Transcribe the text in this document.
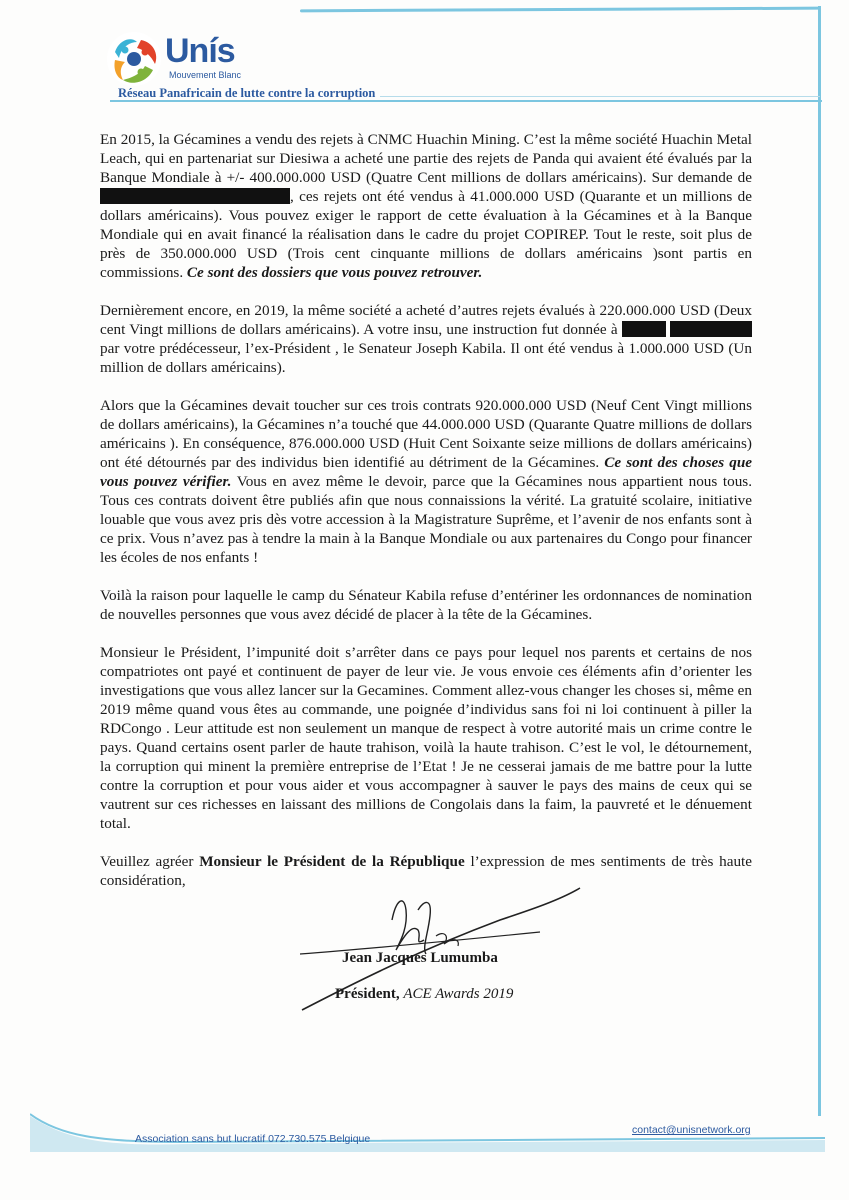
Unís
Mouvement Blanc
Réseau Panafricain de lutte contre la corruption

En 2015, la Gécamines a vendu des rejets à CNMC Huachin Mining. C’est la même société Huachin Metal Leach, qui en partenariat sur Diesiwa a acheté une partie des rejets de Panda qui avaient été évalués par la Banque Mondiale à +/- 400.000.000 USD (Quatre Cent millions de dollars américains). Sur demande de , ces rejets ont été vendus à 41.000.000 USD (Quarante et un millions de dollars américains). Vous pouvez exiger le rapport de cette évaluation à la Gécamines et à la Banque Mondiale qui en avait financé la réalisation dans le cadre du projet COPIREP. Tout le reste, soit plus de près de 350.000.000 USD (Trois cent cinquante millions de dollars américains )sont partis en commissions. Ce sont des dossiers que vous pouvez retrouver.

Dernièrement encore, en 2019, la même société a acheté d’autres rejets évalués à 220.000.000 USD (Deux cent Vingt millions de dollars américains). A votre insu, une instruction fut donnée à   par votre prédécesseur, l’ex-Président , le Senateur Joseph Kabila. Il ont été vendus à 1.000.000 USD (Un million de dollars américains).

Alors que la Gécamines devait toucher sur ces trois contrats 920.000.000 USD (Neuf Cent Vingt millions de dollars américains), la Gécamines n’a touché que 44.000.000 USD (Quarante Quatre millions de dollars américains ). En conséquence, 876.000.000 USD (Huit Cent Soixante seize millions de dollars américains) ont été détournés par des individus bien identifié au détriment de la Gécamines. Ce sont des choses que vous pouvez vérifier. Vous en avez même le devoir, parce que la Gécamines nous appartient nous tous. Tous ces contrats doivent être publiés afin que nous connaissions la vérité. La gratuité scolaire, initiative louable que vous avez pris dès votre accession à la Magistrature Suprême, et l’avenir de nos enfants sont à ce prix. Vous n’avez pas à tendre la main à la Banque Mondiale ou aux partenaires du Congo pour financer les écoles de nos enfants !

Voilà la raison pour laquelle le camp du Sénateur Kabila refuse d’entériner les ordonnances de nomination de nouvelles personnes que vous avez décidé de placer à la tête de la Gécamines.

Monsieur le Président, l’impunité doit s’arrêter dans ce pays pour lequel nos parents et certains de nos compatriotes ont payé et continuent de payer de leur vie. Je vous envoie ces éléments afin d’orienter les investigations que vous allez lancer sur la Gecamines. Comment allez-vous changer les choses si, même en 2019 même quand vous êtes au commande, une poignée d’individus sans foi ni loi continuent à piller la RDCongo . Leur attitude est non seulement un manque de respect à votre autorité mais un crime contre le pays. Quand certains osent parler de haute trahison, voilà la haute trahison. C’est le vol, le détournement, la corruption qui minent la première entreprise de l’Etat ! Je ne cesserai jamais de me battre pour la lutte contre la corruption et pour vous aider et vous accompagner à sauver le pays des mains de ceux qui se vautrent sur ces richesses en laissant des millions de Congolais dans la faim, la pauvreté et le dénuement total.

Veuillez agréer Monsieur le Président de la République l’expression de mes sentiments de très haute considération,

Jean Jacques Lumumba
Président, ACE Awards 2019
Association sans but lucratif 072.730.575 Belgique
contact@unisnetwork.org
